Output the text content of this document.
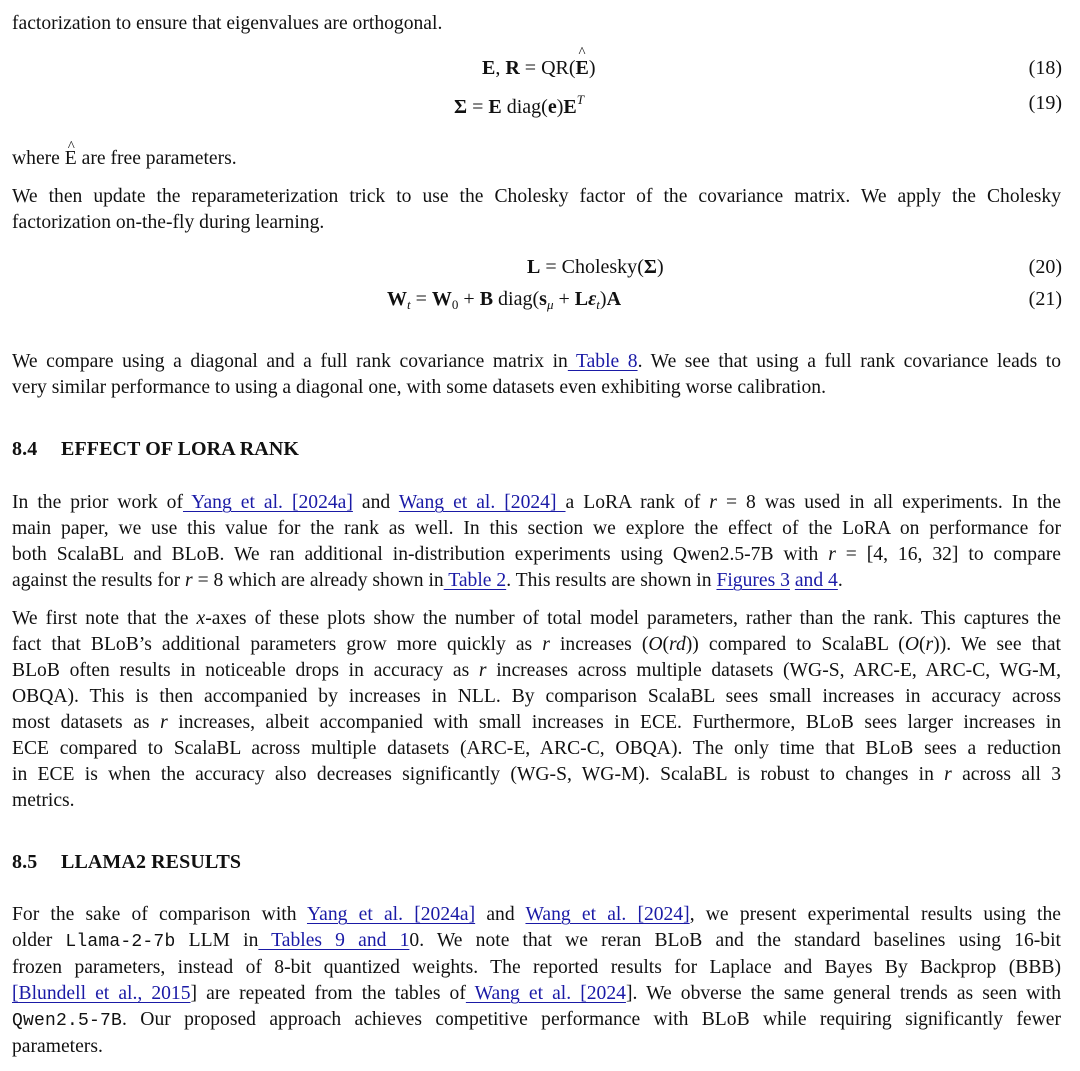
factorization to ensure that eigenvalues are orthogonal.

E, R = QR(^ E)	(18)
Σ = E $diag(e)E^T$	(19)

where ^ E are free parameters.

We then update the reparameterization trick to use the Cholesky factor of the covariance matrix. We apply the Cholesky
factorization on-the-fly during learning.

L = Cholesky(Σ)	(20)
$W_t = W_0 + B$ $diag(s_\mu + L\varepsilon_t)A$	(21)

We compare using a diagonal and a full rank covariance matrix in Table 8. We see that using a full rank covariance leads to
very similar performance to using a diagonal one, with some datasets even exhibiting worse calibration.

8.4 EFFECT OF LORA RANK

In the prior work of Yang et al. [2024a] and Wang et al. [2024] a LoRA rank of r = 8 was used in all experiments. In the
main paper, we use this value for the rank as well. In this section we explore the effect of the LoRA on performance for
both ScalaBL and BLoB. We ran additional in-distribution experiments using Qwen2.5-7B with r = [4, 16, 32] to compare
against the results for r = 8 which are already shown in Table 2. This results are shown in Figures 3 and 4.

We first note that the x-axes of these plots show the number of total model parameters, rather than the rank. This captures the
fact that BLoB’s additional parameters grow more quickly as r increases (O(rd)) compared to ScalaBL (O(r)). We see that
BLoB often results in noticeable drops in accuracy as r increases across multiple datasets (WG-S, ARC-E, ARC-C, WG-M,
OBQA). This is then accompanied by increases in NLL. By comparison ScalaBL sees small increases in accuracy across
most datasets as r increases, albeit accompanied with small increases in ECE. Furthermore, BLoB sees larger increases in
ECE compared to ScalaBL across multiple datasets (ARC-E, ARC-C, OBQA). The only time that BLoB sees a reduction
in ECE is when the accuracy also decreases significantly (WG-S, WG-M). ScalaBL is robust to changes in r across all 3
metrics.

8.5 LLAMA2 RESULTS

For the sake of comparison with Yang et al. [2024a] and Wang et al. [2024], we present experimental results using the
older Llama-2-7b LLM in Tables 9 and 10. We note that we reran BLoB and the standard baselines using 16-bit
frozen parameters, instead of 8-bit quantized weights. The reported results for Laplace and Bayes By Backprop (BBB)
[Blundell et al., 2015] are repeated from the tables of Wang et al. [2024]. We obverse the same general trends as seen with
Qwen2.5-7B. Our proposed approach achieves competitive performance with BLoB while requiring significantly fewer
parameters.
